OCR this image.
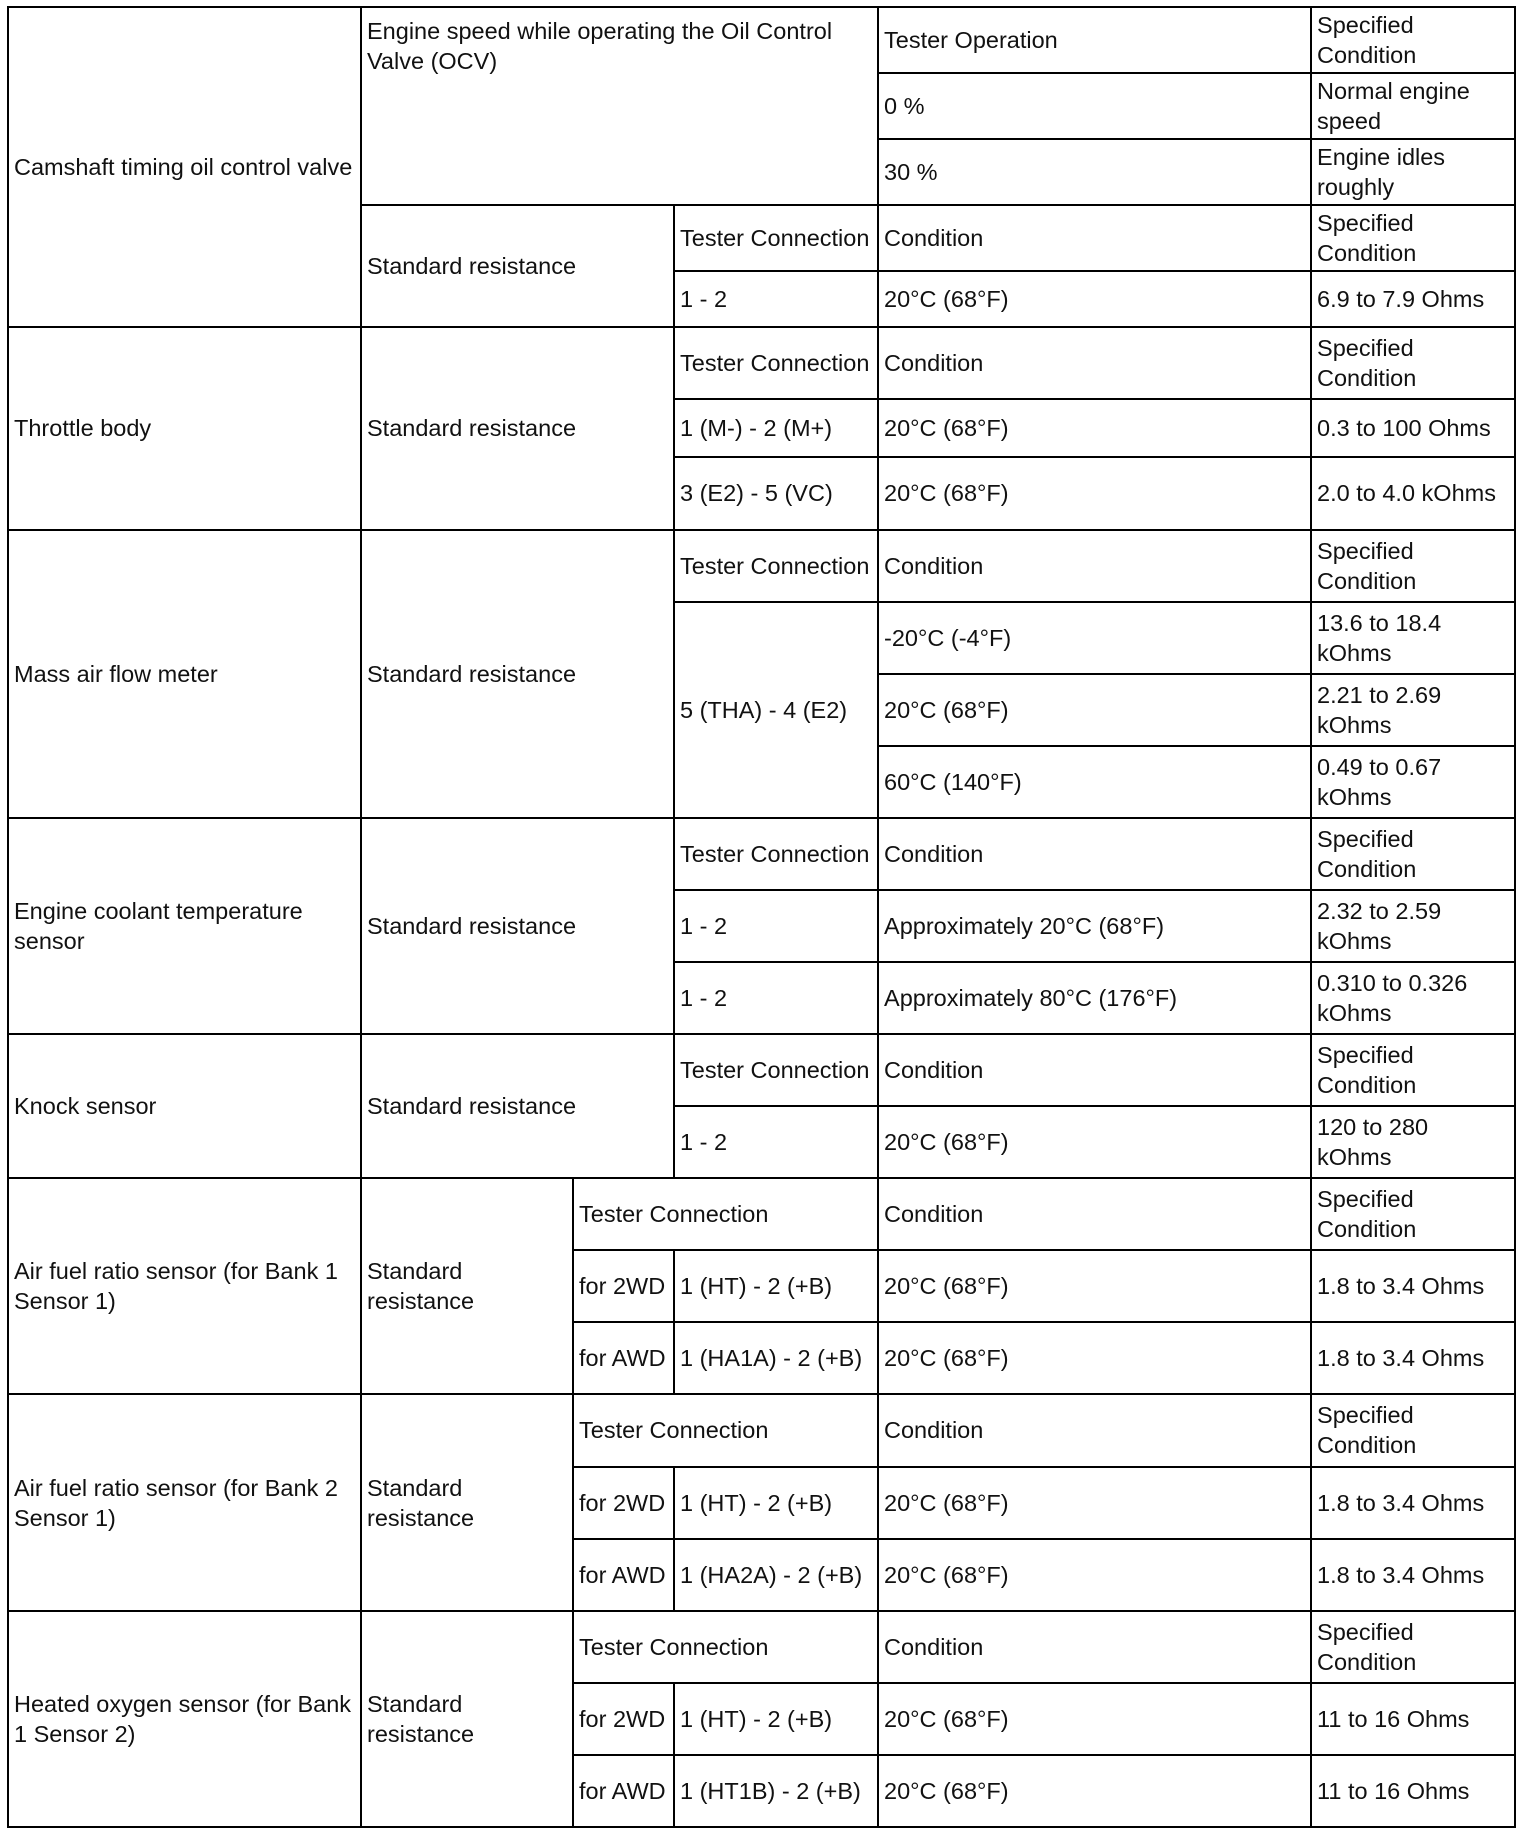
Camshaft timing oil control valve	Engine speed while operating the Oil Control Valve (OCV)			Tester Operation	Specified Condition
				0 %	Normal engine speed
				30 %	Engine idles roughly
	Standard resistance		Tester Connection	Condition	Specified Condition
			1 - 2	20°C (68°F)	6.9 to 7.9 Ohms
Throttle body	Standard resistance		Tester Connection	Condition	Specified Condition
			1 (M-) - 2 (M+)	20°C (68°F)	0.3 to 100 Ohms
			3 (E2) - 5 (VC)	20°C (68°F)	2.0 to 4.0 kOhms
Mass air flow meter	Standard resistance		Tester Connection	Condition	Specified Condition
			5 (THA) - 4 (E2)	-20°C (-4°F)	13.6 to 18.4 kOhms
				20°C (68°F)	2.21 to 2.69 kOhms
				60°C (140°F)	0.49 to 0.67 kOhms
Engine coolant temperature sensor	Standard resistance		Tester Connection	Condition	Specified Condition
			1 - 2	Approximately 20°C (68°F)	2.32 to 2.59 kOhms
			1 - 2	Approximately 80°C (176°F)	0.310 to 0.326 kOhms
Knock sensor	Standard resistance		Tester Connection	Condition	Specified Condition
			1 - 2	20°C (68°F)	120 to 280 kOhms
Air fuel ratio sensor (for Bank 1 Sensor 1)	Standard resistance	Tester Connection		Condition	Specified Condition
		for 2WD	1 (HT) - 2 (+B)	20°C (68°F)	1.8 to 3.4 Ohms
		for AWD	1 (HA1A) - 2 (+B)	20°C (68°F)	1.8 to 3.4 Ohms
Air fuel ratio sensor (for Bank 2 Sensor 1)	Standard resistance	Tester Connection		Condition	Specified Condition
		for 2WD	1 (HT) - 2 (+B)	20°C (68°F)	1.8 to 3.4 Ohms
		for AWD	1 (HA2A) - 2 (+B)	20°C (68°F)	1.8 to 3.4 Ohms
Heated oxygen sensor (for Bank 1 Sensor 2)	Standard resistance	Tester Connection		Condition	Specified Condition
		for 2WD	1 (HT) - 2 (+B)	20°C (68°F)	11 to 16 Ohms
		for AWD	1 (HT1B) - 2 (+B)	20°C (68°F)	11 to 16 Ohms
